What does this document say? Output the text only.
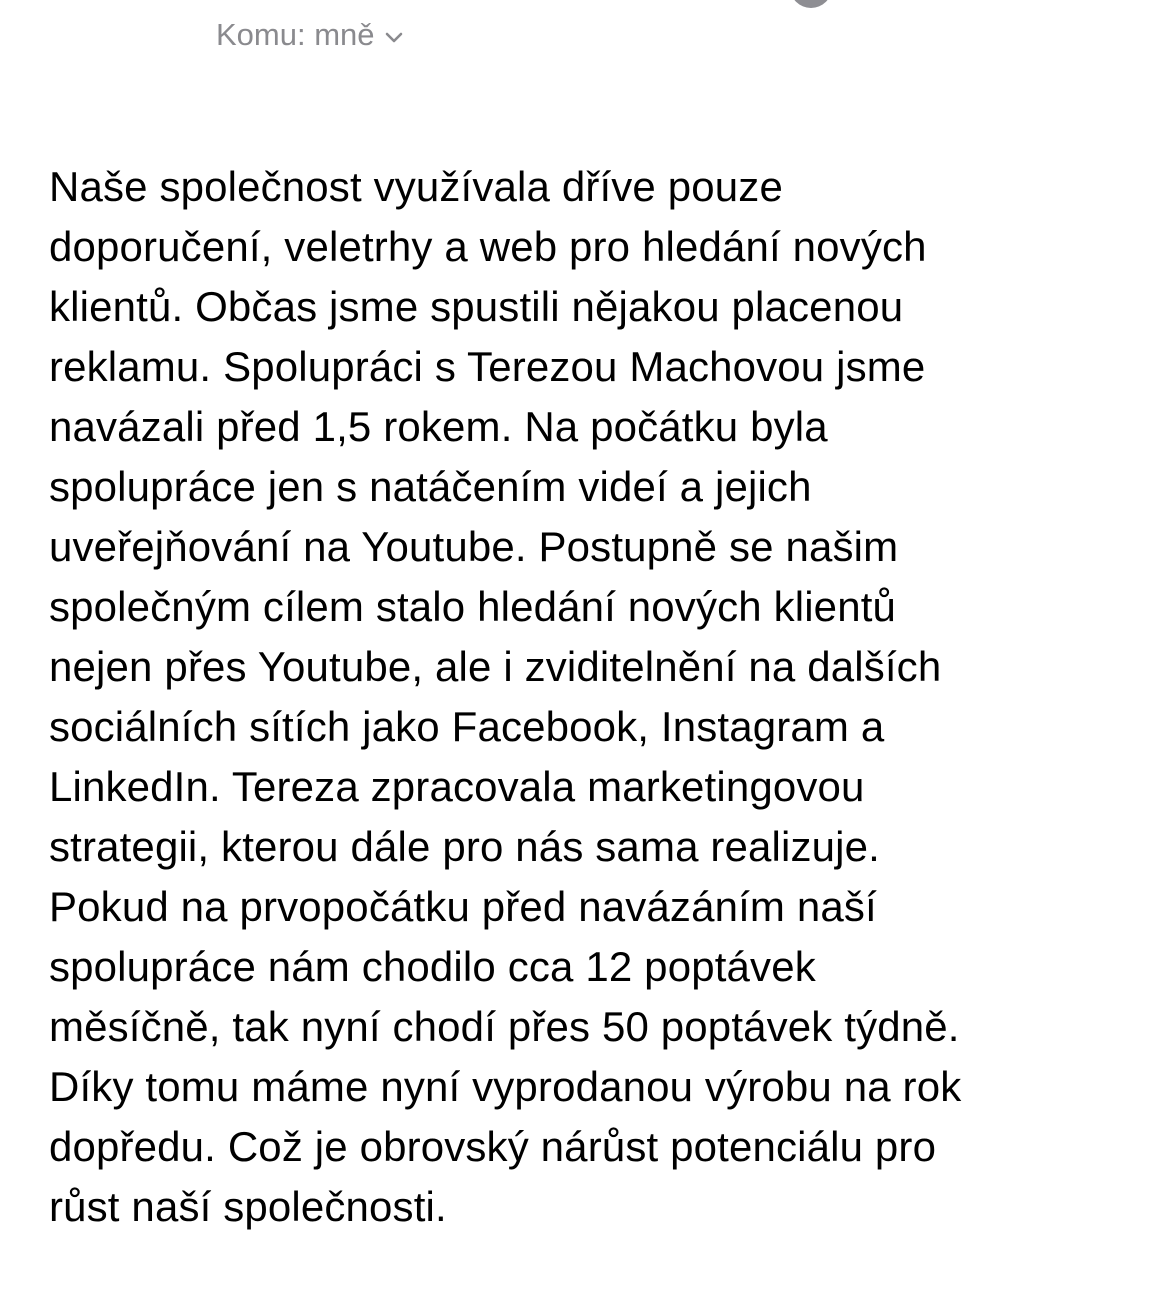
Komu: mně
Naše společnost využívala dříve pouze
doporučení, veletrhy a web pro hledání nových
klientů. Občas jsme spustili nějakou placenou
reklamu. Spolupráci s Terezou Machovou jsme
navázali před 1,5 rokem. Na počátku byla
spolupráce jen s natáčením videí a jejich
uveřejňování na Youtube. Postupně se našim
společným cílem stalo hledání nových klientů
nejen přes Youtube, ale i zviditelnění na dalších
sociálních sítích jako Facebook, Instagram a
LinkedIn. Tereza zpracovala marketingovou
strategii, kterou dále pro nás sama realizuje.
Pokud na prvopočátku před navázáním naší
spolupráce nám chodilo cca 12 poptávek
měsíčně, tak nyní chodí přes 50 poptávek týdně.
Díky tomu máme nyní vyprodanou výrobu na rok
dopředu. Což je obrovský nárůst potenciálu pro
růst naší společnosti.
